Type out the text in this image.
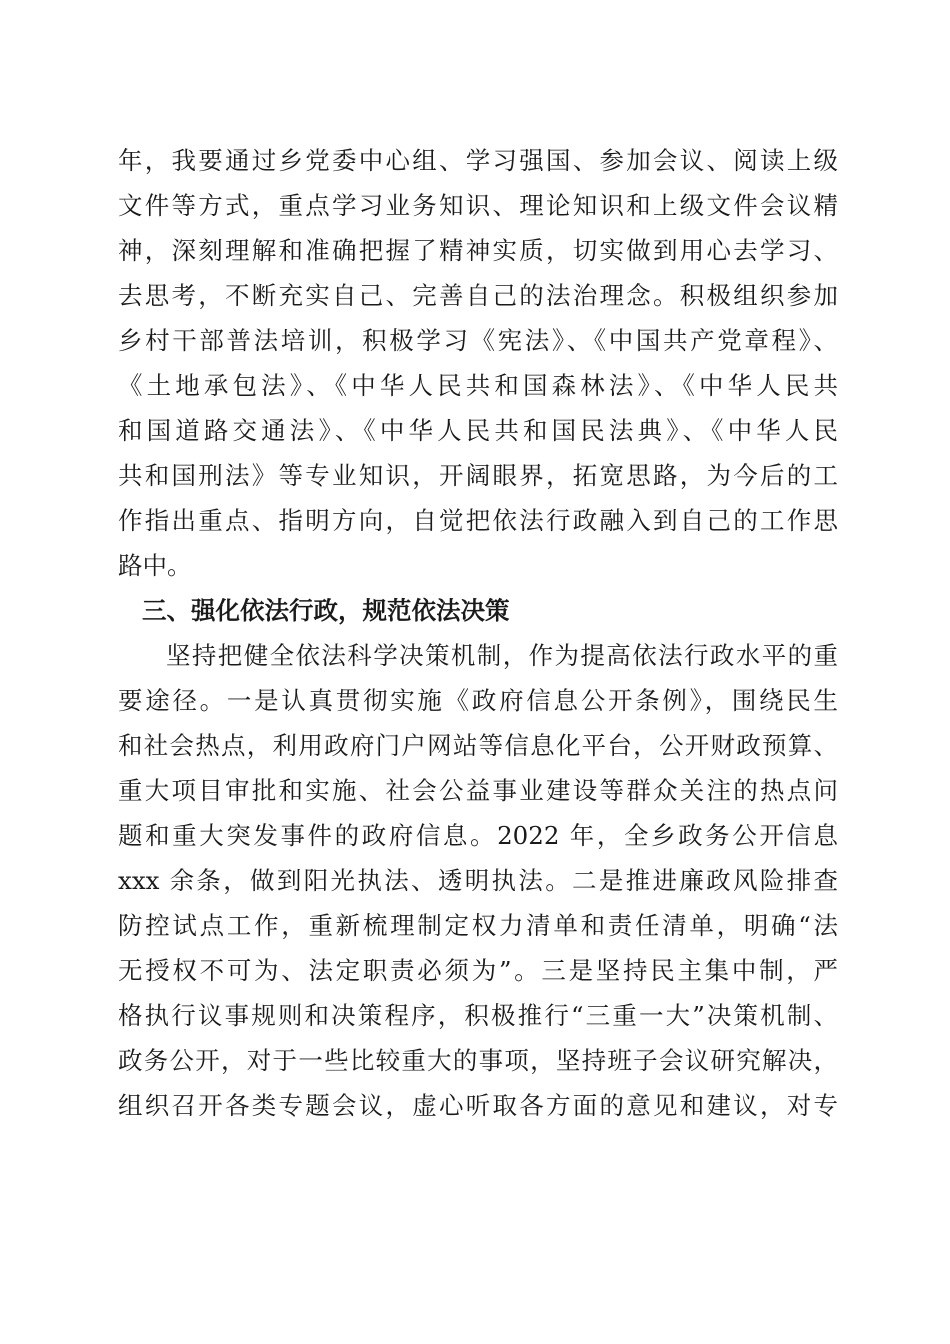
年，我要通过乡党委中心组、学习强国、参加会议、阅读上级
文件等方式，重点学习业务知识、理论知识和上级文件会议精
神，深刻理解和准确把握了精神实质，切实做到用心去学习、
去思考，不断充实自己、完善自己的法治理念。积极组织参加
乡村干部普法培训，积极学习《宪法》、《中国共产党章程》、
《土地承包法》、《中华人民共和国森林法》、《中华人民共
和国道路交通法》、《中华人民共和国民法典》、《中华人民
共和国刑法》等专业知识，开阔眼界，拓宽思路，为今后的工
作指出重点、指明方向，自觉把依法行政融入到自己的工作思
路中。
三、强化依法行政，规范依法决策
坚持把健全依法科学决策机制，作为提高依法行政水平的重
要途径。一是认真贯彻实施《政府信息公开条例》，围绕民生
和社会热点，利用政府门户网站等信息化平台，公开财政预算、
重大项目审批和实施、社会公益事业建设等群众关注的热点问
题和重大突发事件的政府信息。2022 年，全乡政务公开信息
xxx 余条，做到阳光执法、透明执法。二是推进廉政风险排查
防控试点工作，重新梳理制定权力清单和责任清单，明确“法
无授权不可为、法定职责必须为”。三是坚持民主集中制，严
格执行议事规则和决策程序，积极推行“三重一大”决策机制、
政务公开，对于一些比较重大的事项，坚持班子会议研究解决，
组织召开各类专题会议，虚心听取各方面的意见和建议，对专
